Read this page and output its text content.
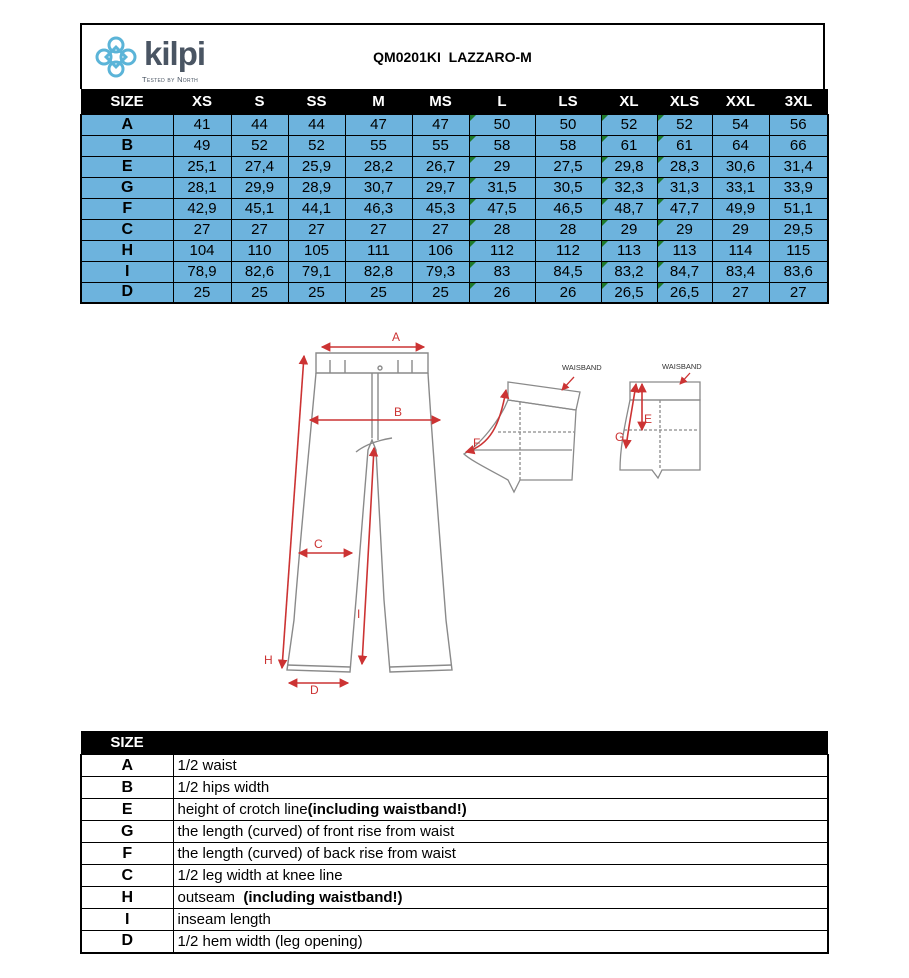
kilpi
Tested by North
QM0201KI LAZZARO-M
SIZE	XS	S	SS	M	MS	L	LS	XL	XLS	XXL	3XL
A	41	44	44	47	47	50	50	52	52	54	56
B	49	52	52	55	55	58	58	61	61	64	66
E	25,1	27,4	25,9	28,2	26,7	29	27,5	29,8	28,3	30,6	31,4
G	28,1	29,9	28,9	30,7	29,7	31,5	30,5	32,3	31,3	33,1	33,9
F	42,9	45,1	44,1	46,3	45,3	47,5	46,5	48,7	47,7	49,9	51,1
C	27	27	27	27	27	28	28	29	29	29	29,5
H	104	110	105	111	106	112	112	113	113	114	115
I	78,9	82,6	79,1	82,8	79,3	83	84,5	83,2	84,7	83,4	83,6
D	25	25	25	25	25	26	26	26,5	26,5	27	27
A
B
C
D
H
I
WAISBAND
F
WAISBAND
E
G
SIZE	
A	1/2 waist
B	1/2 hips width
E	height of crotch line(including waistband!)
G	the length (curved) of front rise from waist
F	the length (curved) of back rise from waist
C	1/2 leg width at knee line
H	outseam  (including waistband!)
I	inseam length
D	1/2 hem width (leg opening)
